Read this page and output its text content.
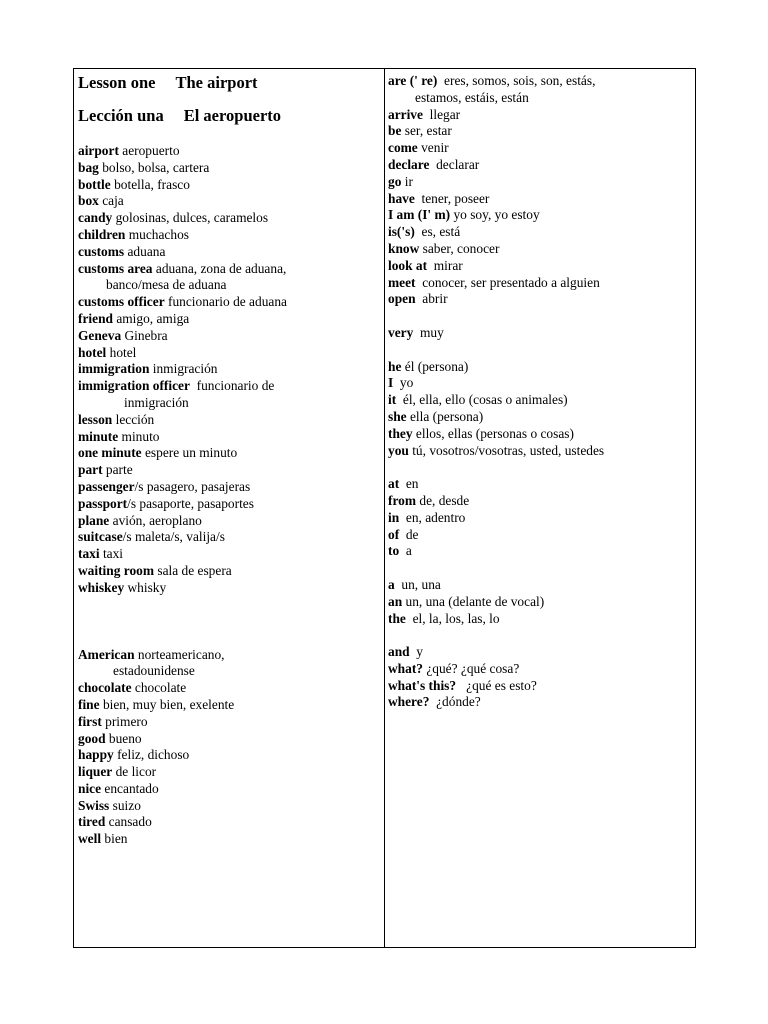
Lesson one The airport
Lección una El aeropuerto
airport aeropuerto
bag bolso, bolsa, cartera
bottle botella, frasco
box caja
candy golosinas, dulces, caramelos
children muchachos
customs aduana
customs area aduana, zona de aduana,
banco/mesa de aduana
customs officer funcionario de aduana
friend amigo, amiga
Geneva Ginebra
hotel hotel
immigration inmigración
immigration officer  funcionario de
inmigración
lesson lección
minute minuto
one minute espere un minuto
part parte
passenger/s pasagero, pasajeras
passport/s pasaporte, pasaportes
plane avión, aeroplano
suitcase/s maleta/s, valija/s
taxi taxi
waiting room sala de espera
whiskey whisky
American norteamericano,
estadounidense
chocolate chocolate
fine bien, muy bien, exelente
first primero
good bueno
happy feliz, dichoso
liquer de licor
nice encantado
Swiss suizo
tired cansado
well bien
are (' re)  eres, somos, sois, son, estás,
estamos, estáis, están
arrive  llegar
be ser, estar
come venir
declare  declarar
go ir
have  tener, poseer
I am (I' m) yo soy, yo estoy
is('s)  es, está
know saber, conocer
look at  mirar
meet  conocer, ser presentado a alguien
open  abrir
very  muy
he él (persona)
I  yo
it  él, ella, ello (cosas o animales)
she ella (persona)
they ellos, ellas (personas o cosas)
you tú, vosotros/vosotras, usted, ustedes
at  en
from de, desde
in  en, adentro
of  de
to  a
a  un, una
an un, una (delante de vocal)
the  el, la, los, las, lo
and  y
what? ¿qué? ¿qué cosa?
what's this?   ¿qué es esto?
where?  ¿dónde?
